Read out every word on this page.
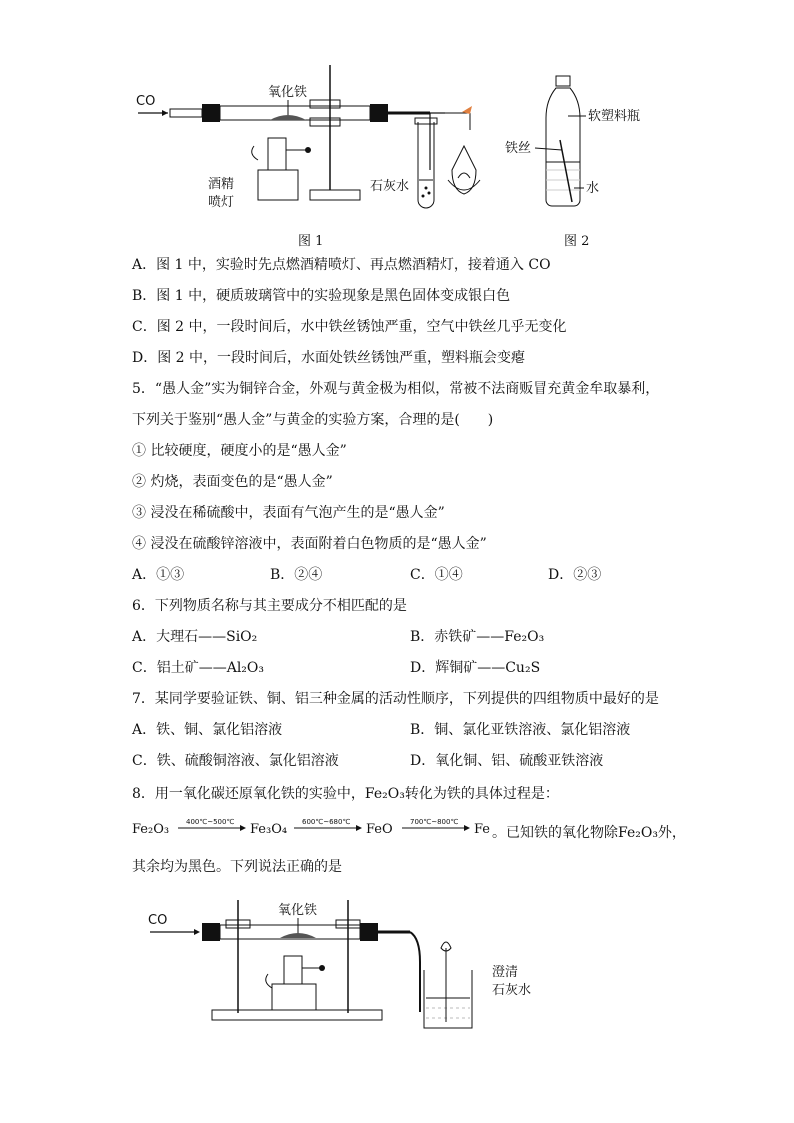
CO
氧化铁
酒精
喷灯
石灰水
软塑料瓶
铁丝
水
图 1	图 2
A．图 1 中，实验时先点燃酒精喷灯、再点燃酒精灯，接着通入 CO
B．图 1 中，硬质玻璃管中的实验现象是黑色固体变成银白色
C．图 2 中，一段时间后，水中铁丝锈蚀严重，空气中铁丝几乎无变化
D．图 2 中，一段时间后，水面处铁丝锈蚀严重，塑料瓶会变瘪
5．“愚人金”实为铜锌合金，外观与黄金极为相似，常被不法商贩冒充黄金牟取暴利，
下列关于鉴别“愚人金”与黄金的实验方案，合理的是(　　)
① 比较硬度，硬度小的是“愚人金”
② 灼烧，表面变色的是“愚人金”
③ 浸没在稀硫酸中，表面有气泡产生的是“愚人金”
④ 浸没在硫酸锌溶液中，表面附着白色物质的是“愚人金”
A．①③	B．②④	C．①④	D．②③
6．下列物质名称与其主要成分不相匹配的是
A．大理石——SiO₂	B．赤铁矿——Fe₂O₃
C．铝土矿——Al₂O₃	D．辉铜矿——Cu₂S
7．某同学要验证铁、铜、铝三种金属的活动性顺序，下列提供的四组物质中最好的是
A．铁、铜、氯化铝溶液	B．铜、氯化亚铁溶液、氯化铝溶液
C．铁、硫酸铜溶液、氯化铝溶液	D．氧化铜、铝、硫酸亚铁溶液
8．用一氧化碳还原氧化铁的实验中，Fe₂O₃转化为铁的具体过程是：
Fe₂O₃ 400℃~500℃ Fe₃O₄ 600℃~680℃ FeO 700℃~800℃ Fe 。已知铁的氧化物除Fe₂O₃外，
其余均为黑色。下列说法正确的是
CO
氧化铁
澄清
石灰水
